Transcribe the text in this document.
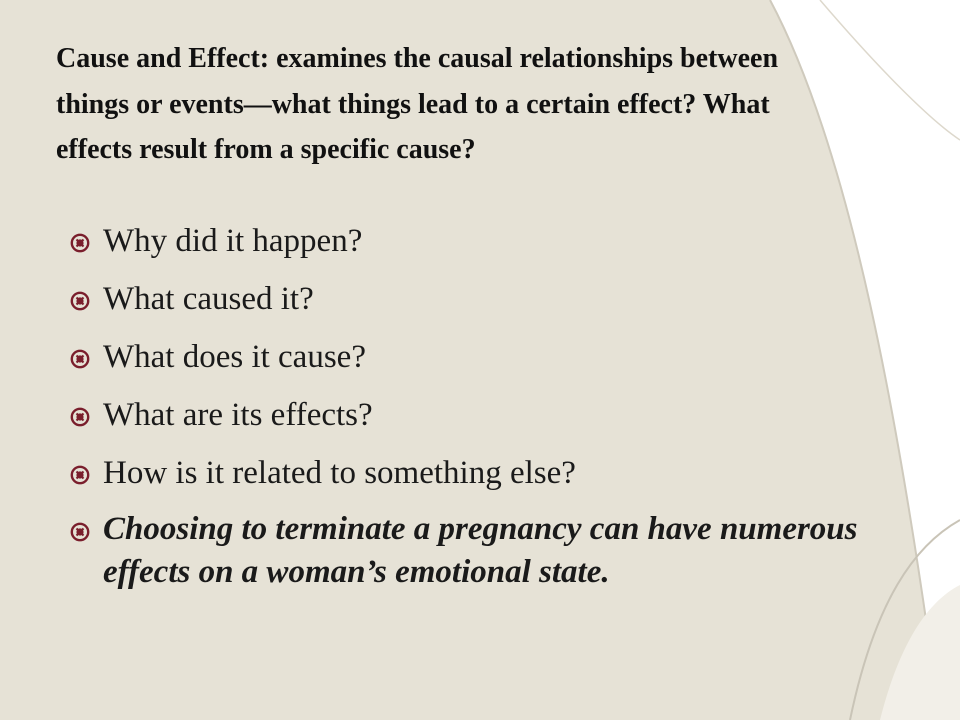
Cause and Effect: examines the causal relationships between things or events—what things lead to a certain effect? What effects result from a specific cause?

Why did it happen?
What caused it?
What does it cause?
What are its effects?
How is it related to something else?
Choosing to terminate a pregnancy can have numerous effects on a woman’s emotional state.
